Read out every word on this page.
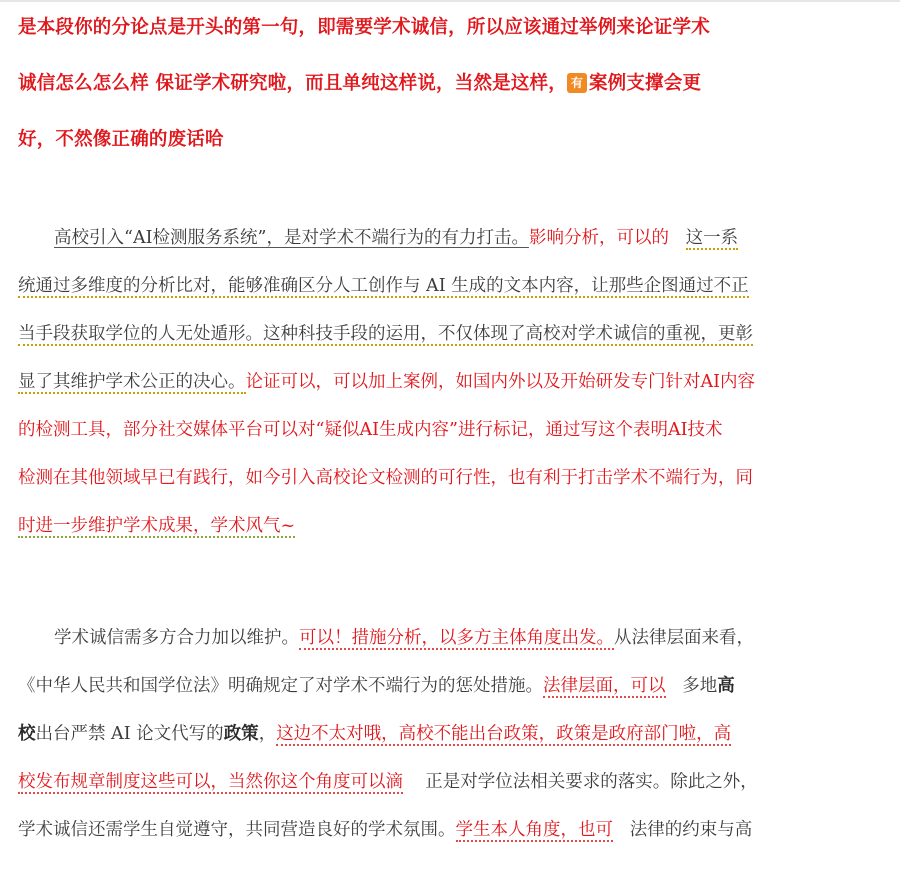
是本段你的分论点是开头的第一句，即需要学术诚信，所以应该通过举例来论证学术
诚信怎么怎么样 保证学术研究啦，而且单纯这样说，当然是这样， 有 案例支撑会更
好，不然像正确的废话哈
高校引入“AI检测服务系统”，是对学术不端行为的有力打击。影响分析，可以的 这一系
统通过多维度的分析比对，能够准确区分人工创作与 AI 生成的文本内容，让那些企图通过不正
当手段获取学位的人无处遁形。这种科技手段的运用，不仅体现了高校对学术诚信的重视，更彰
显了其维护学术公正的决心。论证可以，可以加上案例，如国内外以及开始研发专门针对AI内容
的检测工具，部分社交媒体平台可以对“疑似AI生成内容”进行标记，通过写这个表明AI技术
检测在其他领域早已有践行，如今引入高校论文检测的可行性，也有利于打击学术不端行为，同
时进一步维护学术成果，学术风气~
学术诚信需多方合力加以维护。可以！措施分析，以多方主体角度出发。从法律层面来看，
《中华人民共和国学位法》明确规定了对学术不端行为的惩处措施。法律层面，可以 多地高
校出台严禁 AI 论文代写的政策，这边不太对哦，高校不能出台政策，政策是政府部门啦，高
校发布规章制度这些可以，当然你这个角度可以滴 正是对学位法相关要求的落实。除此之外，
学术诚信还需学生自觉遵守，共同营造良好的学术氛围。学生本人角度，也可 法律的约束与高
